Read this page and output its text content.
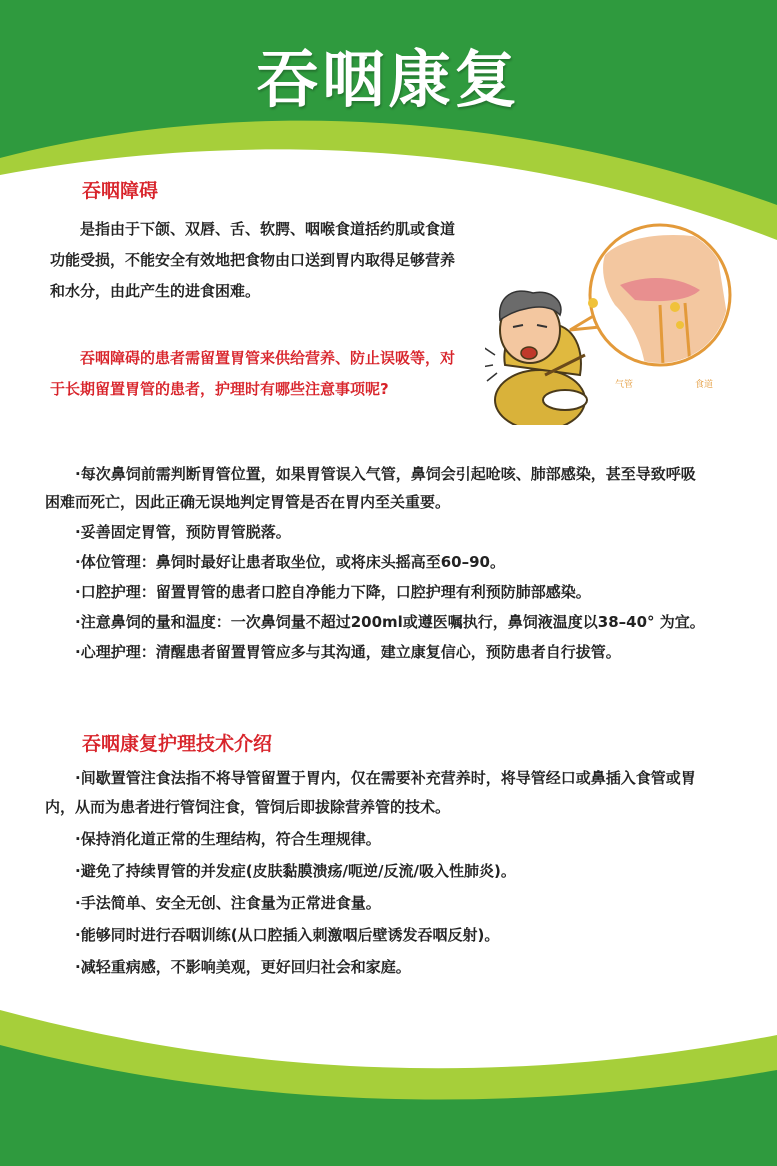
吞咽康复
吞咽障碍

是指由于下颌、双唇、舌、软腭、咽喉食道括约肌或食道功能受损，不能安全有效地把食物由口送到胃内取得足够营养和水分，由此产生的进食困难。

吞咽障碍的患者需留置胃管来供给营养、防止误吸等，对于长期留置胃管的患者，护理时有哪些注意事项呢?	气管	食道
·每次鼻饲前需判断胃管位置，如果胃管误入气管，鼻饲会引起呛咳、肺部感染，甚至导致呼吸困难而死亡，因此正确无误地判定胃管是否在胃内至关重要。
·妥善固定胃管，预防胃管脱落。
·体位管理：鼻饲时最好让患者取坐位，或将床头摇高至60–90。
·口腔护理：留置胃管的患者口腔自净能力下降，口腔护理有利预防肺部感染。
·注意鼻饲的量和温度：一次鼻饲量不超过200ml或遵医嘱执行，鼻饲液温度以38–40° 为宜。
·心理护理：清醒患者留置胃管应多与其沟通，建立康复信心，预防患者自行拔管。
吞咽康复护理技术介绍
·间歇置管注食法指不将导管留置于胃内，仅在需要补充营养时，将导管经口或鼻插入食管或胃内，从而为患者进行管饲注食，管饲后即拔除营养管的技术。
·保持消化道正常的生理结构，符合生理规律。
·避免了持续胃管的并发症(皮肤黏膜溃疡/呃逆/反流/吸入性肺炎)。
·手法简单、安全无创、注食量为正常进食量。
·能够同时进行吞咽训练(从口腔插入刺激咽后壁诱发吞咽反射)。
·减轻重病感，不影响美观，更好回归社会和家庭。
